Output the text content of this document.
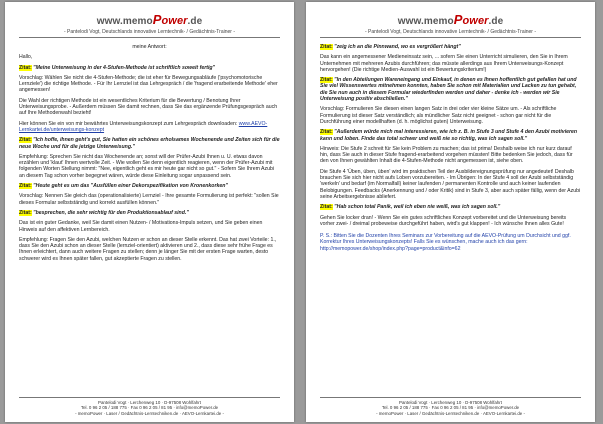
www.memoPower.de
- Pantelodi Vogt, Deutschlands innovative Lerntechnik- / Gedächtnis-Trainer -

meine Antwort:

Hallo,

Zitat: "Meine Unterweisung in der 4-Stufen-Methode ist schriftlich soweit fertig"

Vorschlag: Wählen Sie nicht die 4-Stufen-Methode; die ist eher für Bewegungsabläufe ('psychomotorische Lernziele') die richtige Methode. - Für Ihr Lernziel ist das Lehrgespräch / die 'fragend erarbeitende Methode' eher angemessen!

Die Wahl der richtigen Methode ist ein wesentliches Kriterium für die Bewertung / Benotung Ihrer Unterweisungsprobe. - Außerdem müssen Sie damit rechnen, dass Sie das ergänzende Prüfungsgespräch auch auf Ihre Methodenwahl bezieht!

Hier können Sie ein von mir bewährtes Unterweisungskonzept zum Lehrgespräch downloaden: www.AEVO-Lernkartei.de/unterweisungs-konzept

Zitat: "Ich hoffe, ihnen geht's gut, Sie hatten ein schönes erholsames Wochenende und Zeiten sich für die neue Woche und für die jetzige Unterweisung."

Empfehlung: Sprechen Sie nicht das Wochenende an; sonst will der Prüfer-Azubi Ihnen u. U. etwas davon erzählen und 'klaut' Ihnen wertvolle Zeit. - Wie wollen Sie denn eigentlich reagieren, wenn der Prüfer-Azubi mit folgenden Worten Stellung nimmt: "Nee, eigentlich geht es mir heute gar nicht so gut." - Sofern Sie Ihrem Azubi an diesem Tag schon vorher begegnet wären, würde diese Einleitung sogar unpassend sein.

Zitat: "Heute geht es um das "Ausfüllen einer Dekorspezifikation von Kronenkorken"

Vorschlag: Nennen Sie gleich das (operationalisierte) Lernziel - Ihre gesamte Formulierung ist perfekt: "sollen Sie dieses Formular selbstständig und korrekt ausfüllen können."

Zitat: "besprechen, die sehr wichtig für den Produktionsablauf sind."

Das ist ein guter Gedanke, weil Sie damit einen Nutzen- / Motivations-Impuls setzen, und Sie geben einen Hinweis auf den affektiven Lernbereich.

Empfehlung: Fragen Sie den Azubi, welchen Nutzen er schon an dieser Stelle erkennt. Das hat zwei Vorteile: 1., dass Sie den Azubi schon an dieser Stelle (lernziel-orientiert) aktivieren und 2., dass diese sehr frühe Frage es Ihnen erleichtert, dann auch weitere Fragen zu stellen; denn je länger Sie mit der ersten Frage warten, desto schwerer wird es Ihnen später fallen, gut akzeptierte Fragen zu stellen.

Pantelodi Vogt · Lerchenweg 10 · D-97508 Wohlfahrt
Tel. 0 96 2 05 / 188 775 · Fax 0 96 2 05 / 81 95 · info@memoPower.de
- memoPower · Laser / Gedächtnis-Lerntechniken.de · AEVO-Lernkartei.de -
www.memoPower.de
- Pantelodi Vogt, Deutschlands innovative Lerntechnik- / Gedächtnis-Trainer -

Zitat: "zeig ich an die Pinnwand, wo es vergrößert hängt"

Das kann ein angemessener Medieneinsatz sein, ... sofern Sie einen Unterricht simulieren, den Sie in Ihrem Unternehmen mit mehreren Azubis durchführen; das müsste allerdings aus Ihrem Unterweisungs-Konzept hervorgehen! (Die richtige Medien-Auswahl ist ein Bewertungskriterium!)

Zitat: "In den Abteilungen Wareneingang und Einkauf, in denen es Ihnen hoffentlich gut gefallen hat und Sie viel Wissenswertes mitnehmen konnten, haben Sie schon mit Materialien und Lacken zu tun gehabt, die Sie nun auch in diesem Formular wiederfinden werden und daher - denke ich - werden wir Sie Unterweisung positiv abschließen."

Vorschlag: Formulieren Sie diesen einen langen Satz in drei oder vier kleine Sätze um. - Als schriftliche Formulierung ist dieser Satz verständlich; als mündlicher Satz nicht geeignet - schon gar nicht für die Durchführung einer modellhaften (d. h. möglichst guten) Unterweisung.

Zitat: "Außerdem würde mich mal interessieren, wie ich z. B. in Stufe 3 und Stufe 4 den Azubi motivieren kann und loben. Finde das total schwer und weiß nie so richtig, was ich sagen soll."

Hinweis: Die Stufe 2 schreit für Sie kein Problem zu machen; das ist prima! Deshalb weise ich nur kurz darauf hin, dass Sie auch in dieser Stufe fragend-erarbeitend vorgehen müssten! Bitte bedenken Sie jedoch, dass für den von Ihnen gewählten Inhalt die 4-Stufen-Methode nicht angemessen ist, siehe oben.

Die Stufe 4 'Üben, üben, üben' wird im praktischen Teil der Ausbildereignungsprüfung nur angedeutet! Deshalb brauchen Sie sich hier nicht aufs Loben vorzubereiten. - Im Übrigen: In der Stufe 4 soll der Azubi selbstständig 'werkeln' und bedarf (im Normalfall) keiner laufenden / permanenten Kontrolle und auch keiner laufenden Belobigungen. Feedbacks (Anerkennung und / oder Kritik) sind in Stufe 3, aber auch später fällig, wenn der Azubi seine Arbeitsergebnisse abliefert.

Zitat: "Hab schon total Panik, weil ich eben nie weiß, was ich sagen soll."

Gehen Sie locker dran! - Wenn Sie ein gutes schriftliches Konzept vorbereitet und die Unterweisung bereits vorher zwei- / dreimal probeweise durchgeführt haben, wird's gut klappen! - Ich wünsche Ihnen alles Gute!

P. S.: Bitten Sie die Dozenten Ihres Seminars zur Vorbereitung auf die AEVO-Prüfung um Durchsicht und ggf. Korrektur Ihres Unterweisungskonzepts! Falls Sie es wünschen, mache auch ich das gern: http://memopower.de/shop/index.php?page=product&info=62

Pantelodi Vogt · Lerchenweg 10 · D-97508 Wohlfahrt
Tel. 0 96 2 05 / 188 775 · Fax 0 96 2 05 / 81 95 · info@memoPower.de
- memoPower · Laser / Gedächtnis-Lerntechniken.de · AEVO-Lernkartei.de -
